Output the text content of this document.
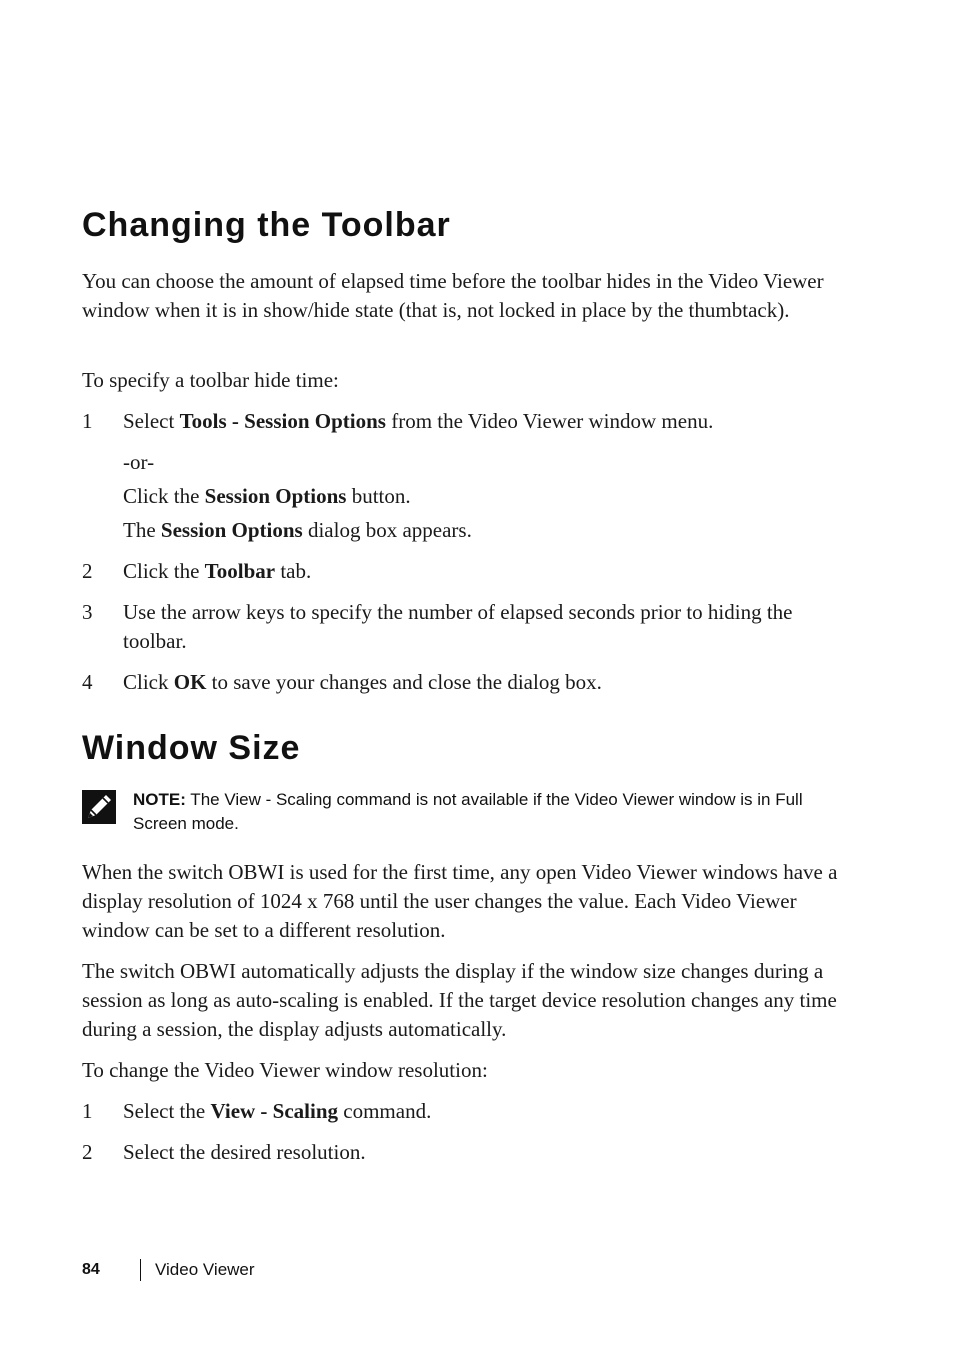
Changing the Toolbar

You can choose the amount of elapsed time before the toolbar hides in the Video Viewer window when it is in show/hide state (that is, not locked in place by the thumbtack).

To specify a toolbar hide time:

1	Select Tools - Session Options from the Video Viewer window menu.
-or-
Click the Session Options button.
The Session Options dialog box appears.
2	Click the Toolbar tab.
3	Use the arrow keys to specify the number of elapsed seconds prior to hiding the toolbar.
4	Click OK to save your changes and close the dialog box.
Window Size
NOTE: The View - Scaling command is not available if the Video Viewer window is in Full Screen mode.

When the switch OBWI is used for the first time, any open Video Viewer windows have a display resolution of 1024 x 768 until the user changes the value. Each Video Viewer window can be set to a different resolution.

The switch OBWI automatically adjusts the display if the window size changes during a session as long as auto-scaling is enabled. If the target device resolution changes any time during a session, the display adjusts automatically.

To change the Video Viewer window resolution:

1	Select the View - Scaling command.
2	Select the desired resolution.
84	Video Viewer
